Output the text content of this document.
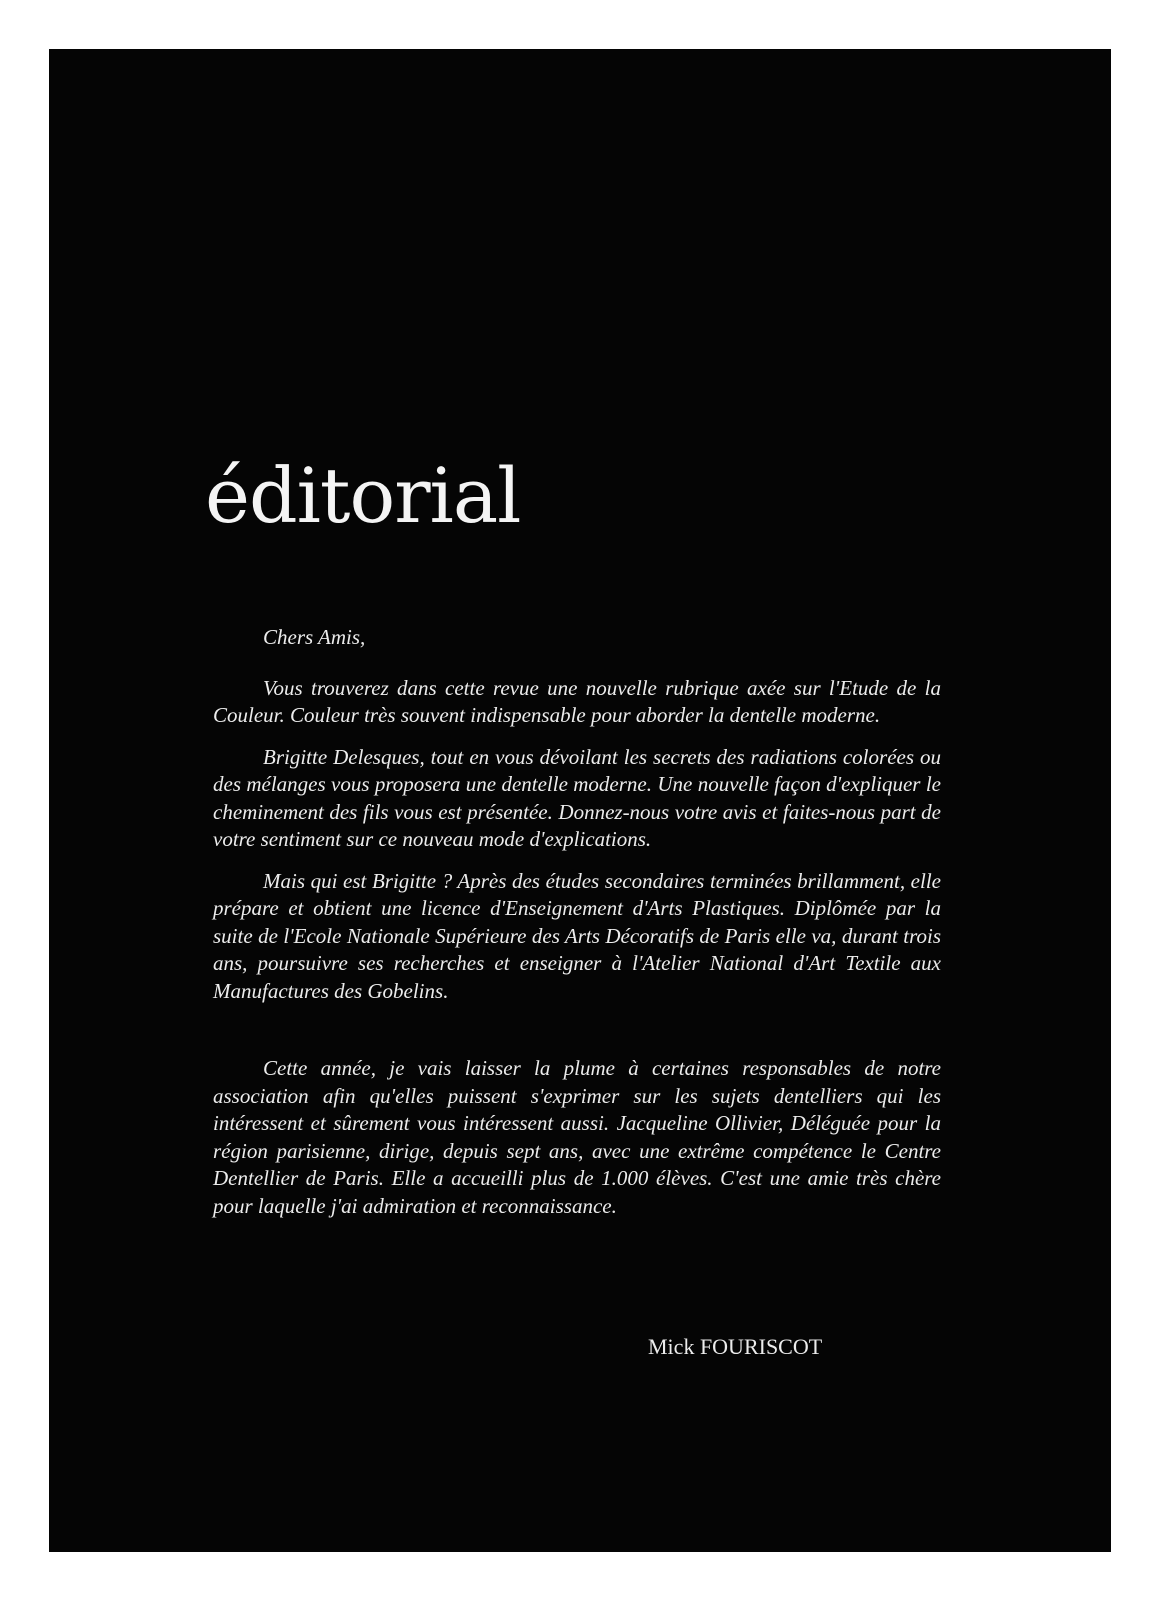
éditorial

Chers Amis,

Vous trouverez dans cette revue une nouvelle rubrique axée sur l'Etude de la Couleur. Couleur très souvent indispensable pour aborder la dentelle moderne.

Brigitte Delesques, tout en vous dévoilant les secrets des radiations colorées ou des mélanges vous proposera une dentelle moderne. Une nouvelle façon d'expliquer le cheminement des fils vous est présentée. Donnez-nous votre avis et faites-nous part de votre sentiment sur ce nouveau mode d'explications.

Mais qui est Brigitte ? Après des études secondaires terminées brillamment, elle prépare et obtient une licence d'Enseignement d'Arts Plastiques. Diplômée par la suite de l'Ecole Nationale Supérieure des Arts Décoratifs de Paris elle va, durant trois ans, poursuivre ses recherches et enseigner à l'Atelier National d'Art Textile aux Manufactures des Gobelins.

Cette année, je vais laisser la plume à certaines responsables de notre association afin qu'elles puissent s'exprimer sur les sujets dentelliers qui les intéressent et sûrement vous intéressent aussi. Jacqueline Ollivier, Déléguée pour la région parisienne, dirige, depuis sept ans, avec une extrême compétence le Centre Dentellier de Paris. Elle a accueilli plus de 1.000 élèves. C'est une amie très chère pour laquelle j'ai admiration et reconnaissance.

Mick FOURISCOT
